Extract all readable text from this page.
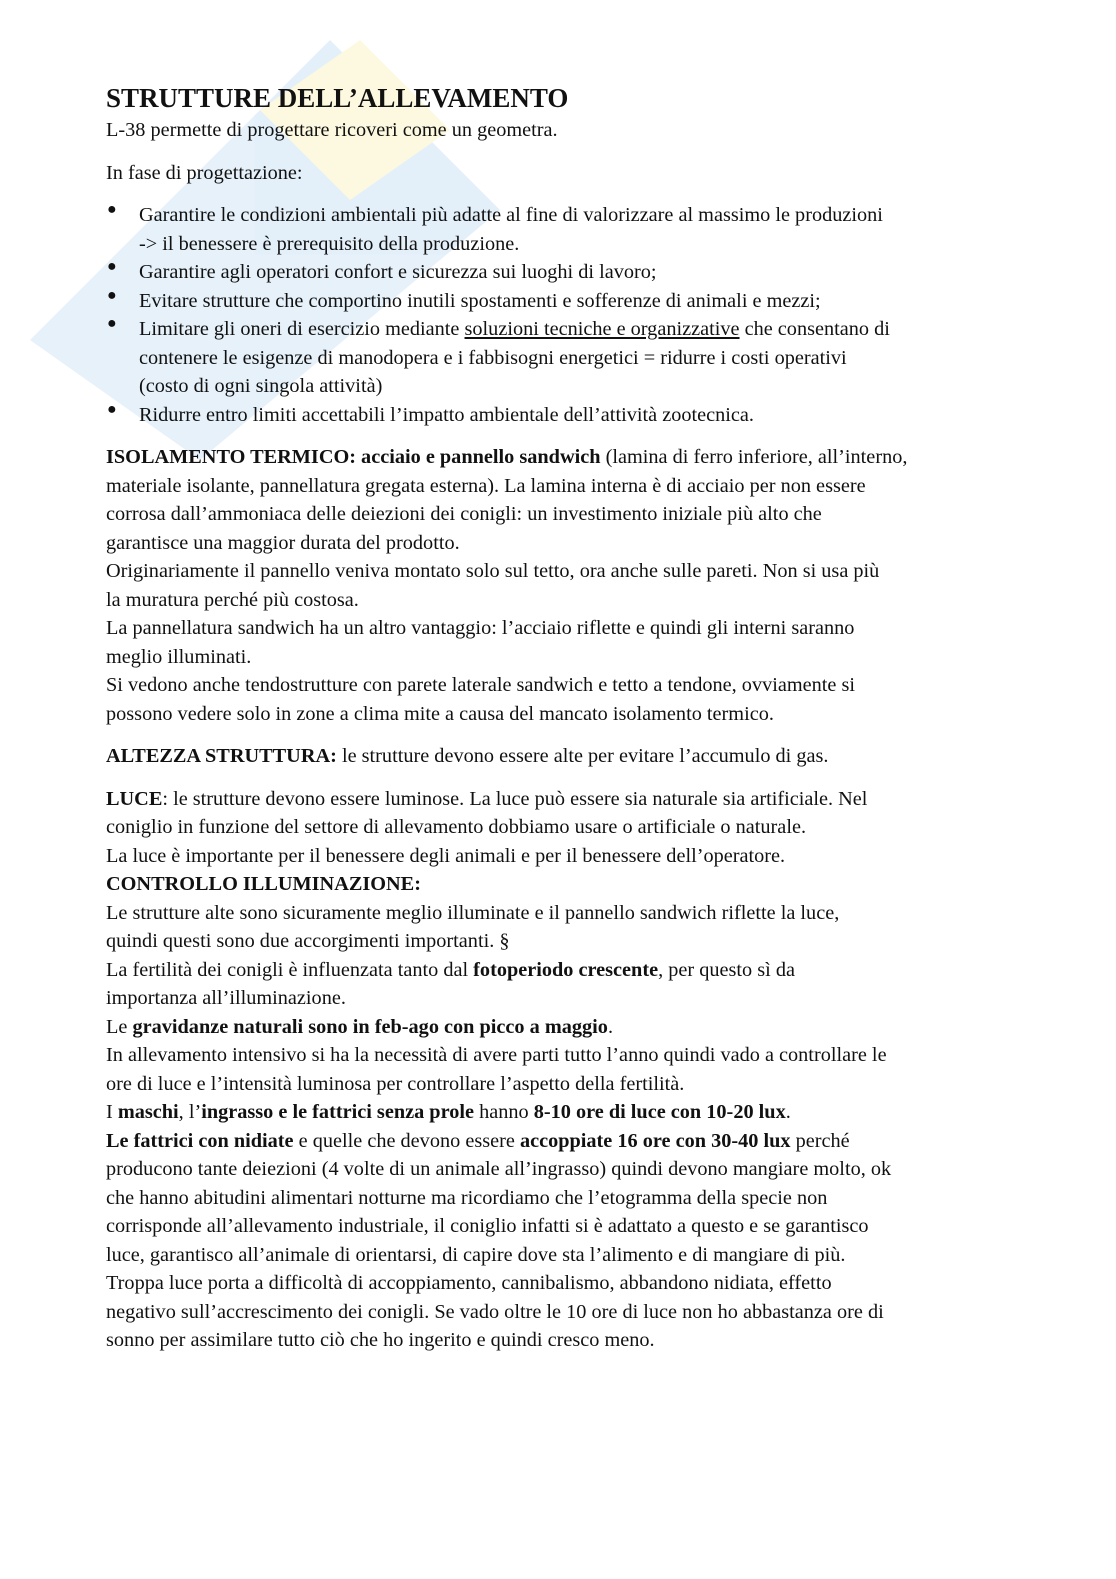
STRUTTURE DELL’ALLEVAMENTO
L-38 permette di progettare ricoveri come un geometra.
In fase di progettazione:
● Garantire le condizioni ambientali più adatte al fine di valorizzare al massimo le produzioni
-> il benessere è prerequisito della produzione.
● Garantire agli operatori confort e sicurezza sui luoghi di lavoro;
● Evitare strutture che comportino inutili spostamenti e sofferenze di animali e mezzi;
● Limitare gli oneri di esercizio mediante soluzioni tecniche e organizzative che consentano di
contenere le esigenze di manodopera e i fabbisogni energetici = ridurre i costi operativi
(costo di ogni singola attività)
● Ridurre entro limiti accettabili l’impatto ambientale dell’attività zootecnica.
ISOLAMENTO TERMICO: acciaio e pannello sandwich (lamina di ferro inferiore, all’interno,
materiale isolante, pannellatura gregata esterna). La lamina interna è di acciaio per non essere
corrosa dall’ammoniaca delle deiezioni dei conigli: un investimento iniziale più alto che
garantisce una maggior durata del prodotto.
Originariamente il pannello veniva montato solo sul tetto, ora anche sulle pareti. Non si usa più
la muratura perché più costosa.
La pannellatura sandwich ha un altro vantaggio: l’acciaio riflette e quindi gli interni saranno
meglio illuminati.
Si vedono anche tendostrutture con parete laterale sandwich e tetto a tendone, ovviamente si
possono vedere solo in zone a clima mite a causa del mancato isolamento termico.
ALTEZZA STRUTTURA: le strutture devono essere alte per evitare l’accumulo di gas.
LUCE: le strutture devono essere luminose. La luce può essere sia naturale sia artificiale. Nel
coniglio in funzione del settore di allevamento dobbiamo usare o artificiale o naturale.
La luce è importante per il benessere degli animali e per il benessere dell’operatore.
CONTROLLO ILLUMINAZIONE:
Le strutture alte sono sicuramente meglio illuminate e il pannello sandwich riflette la luce,
quindi questi sono due accorgimenti importanti. §
La fertilità dei conigli è influenzata tanto dal fotoperiodo crescente, per questo sì da
importanza all’illuminazione.
Le gravidanze naturali sono in feb-ago con picco a maggio.
In allevamento intensivo si ha la necessità di avere parti tutto l’anno quindi vado a controllare le
ore di luce e l’intensità luminosa per controllare l’aspetto della fertilità.
I maschi, l’ingrasso e le fattrici senza prole hanno 8-10 ore di luce con 10-20 lux.
Le fattrici con nidiate e quelle che devono essere accoppiate 16 ore con 30-40 lux perché
producono tante deiezioni (4 volte di un animale all’ingrasso) quindi devono mangiare molto, ok
che hanno abitudini alimentari notturne ma ricordiamo che l’etogramma della specie non
corrisponde all’allevamento industriale, il coniglio infatti si è adattato a questo e se garantisco
luce, garantisco all’animale di orientarsi, di capire dove sta l’alimento e di mangiare di più.
Troppa luce porta a difficoltà di accoppiamento, cannibalismo, abbandono nidiata, effetto
negativo sull’accrescimento dei conigli. Se vado oltre le 10 ore di luce non ho abbastanza ore di
sonno per assimilare tutto ciò che ho ingerito e quindi cresco meno.
